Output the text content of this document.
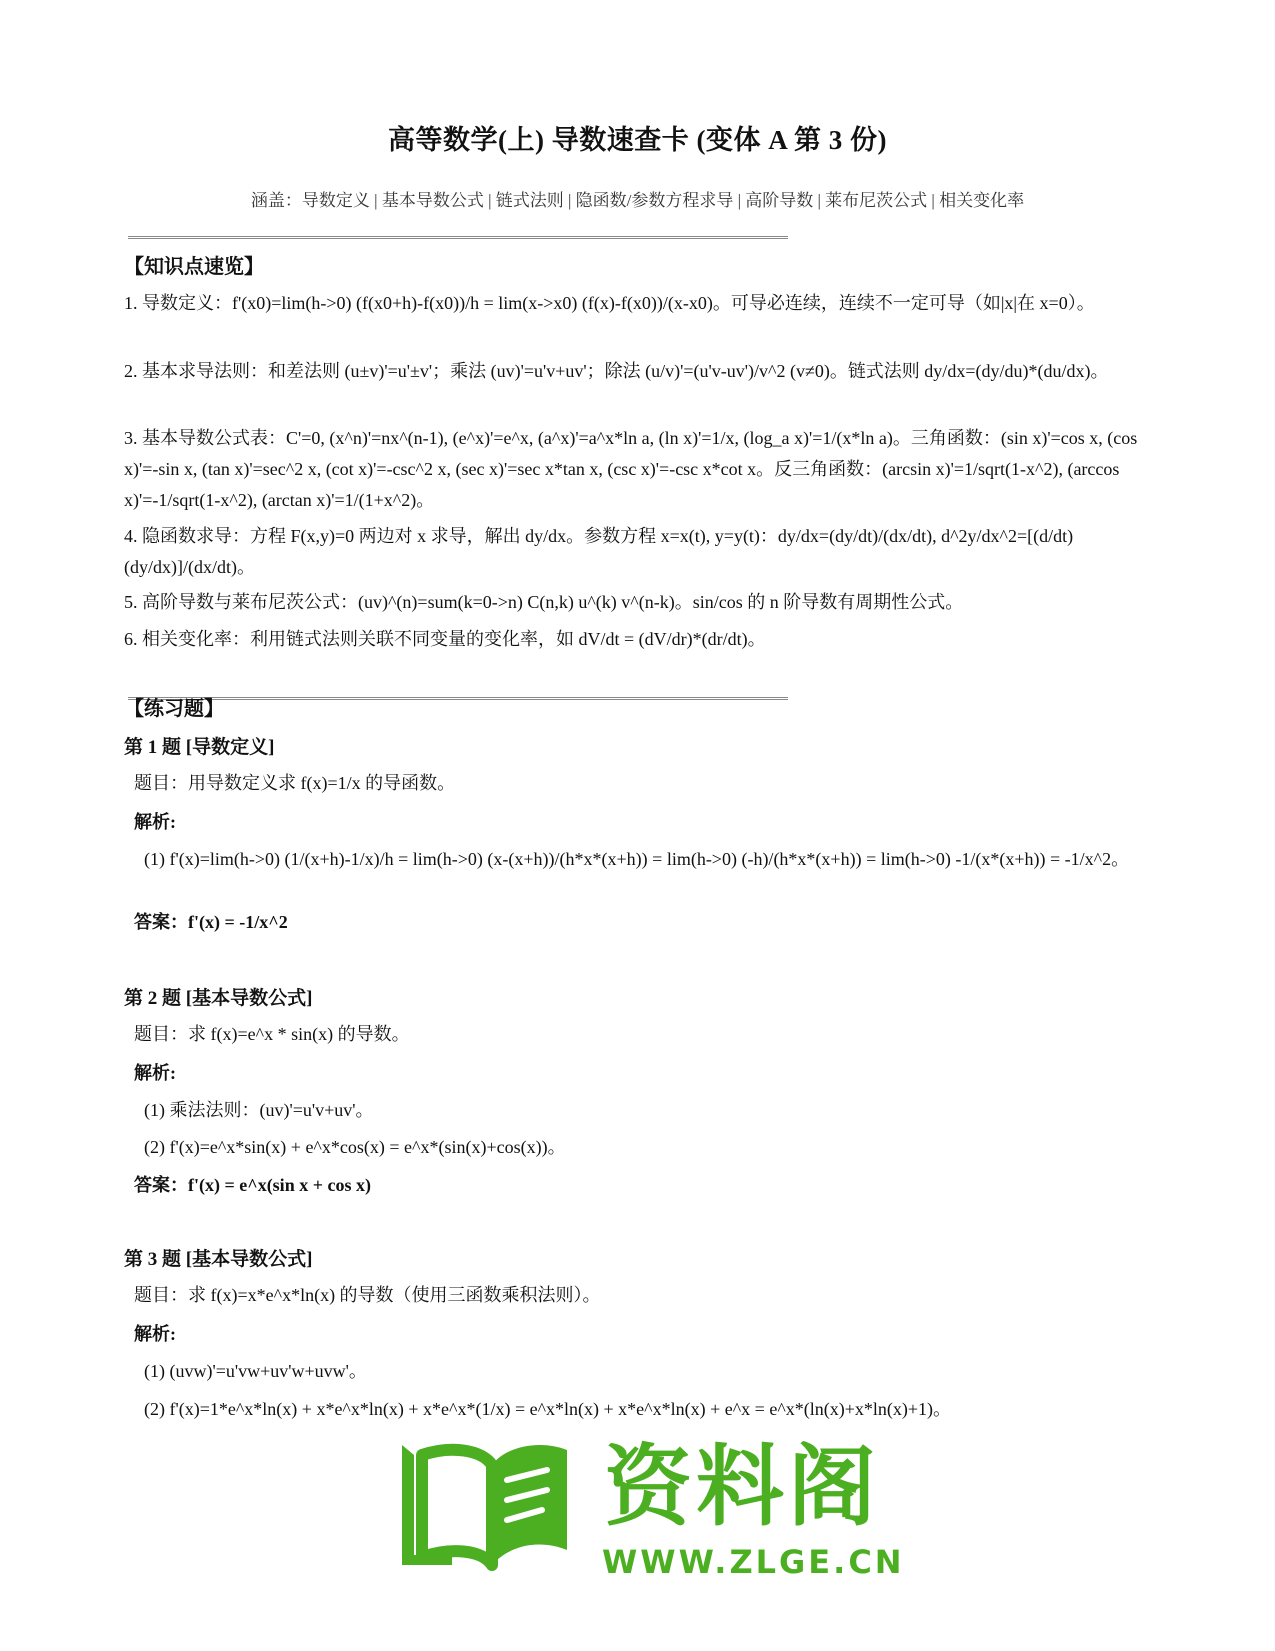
高等数学(上) 导数速查卡 (变体 A 第 3 份)
涵盖：导数定义 | 基本导数公式 | 链式法则 | 隐函数/参数方程求导 | 高阶导数 | 莱布尼茨公式 | 相关变化率
【知识点速览】
1. 导数定义：f'(x0)=lim(h->0) (f(x0+h)-f(x0))/h = lim(x->x0) (f(x)-f(x0))/(x-x0)。可导必连续，连续不一定可导（如|x|在 x=0）。
2. 基本求导法则：和差法则 (u±v)'=u'±v'；乘法 (uv)'=u'v+uv'；除法 (u/v)'=(u'v-uv')/v^2 (v≠0)。链式法则 dy/dx=(dy/du)*(du/dx)。
3. 基本导数公式表：C'=0, (x^n)'=nx^(n-1), (e^x)'=e^x, (a^x)'=a^x*ln a, (ln x)'=1/x, (log_a x)'=1/(x*ln a)。三角函数：(sin x)'=cos x, (cos x)'=-sin x, (tan x)'=sec^2 x, (cot x)'=-csc^2 x, (sec x)'=sec x*tan x, (csc x)'=-csc x*cot x。反三角函数：(arcsin x)'=1/sqrt(1-x^2), (arccos x)'=-1/sqrt(1-x^2), (arctan x)'=1/(1+x^2)。
4. 隐函数求导：方程 F(x,y)=0 两边对 x 求导，解出 dy/dx。参数方程 x=x(t), y=y(t)：dy/dx=(dy/dt)/(dx/dt), d^2y/dx^2=[(d/dt)(dy/dx)]/(dx/dt)。
5. 高阶导数与莱布尼茨公式：(uv)^(n)=sum(k=0->n) C(n,k) u^(k) v^(n-k)。sin/cos 的 n 阶导数有周期性公式。
6. 相关变化率：利用链式法则关联不同变量的变化率，如 dV/dt = (dV/dr)*(dr/dt)。
【练习题】
第 1 题 [导数定义]
题目：用导数定义求 f(x)=1/x 的导函数。
解析:
(1) f'(x)=lim(h->0) (1/(x+h)-1/x)/h = lim(h->0) (x-(x+h))/(h*x*(x+h)) = lim(h->0) (-h)/(h*x*(x+h)) = lim(h->0) -1/(x*(x+h)) = -1/x^2。
答案：f'(x) = -1/x^2
第 2 题 [基本导数公式]
题目：求 f(x)=e^x * sin(x) 的导数。
解析:
(1) 乘法法则：(uv)'=u'v+uv'。
(2) f'(x)=e^x*sin(x) + e^x*cos(x) = e^x*(sin(x)+cos(x))。
答案：f'(x) = e^x(sin x + cos x)
第 3 题 [基本导数公式]
题目：求 f(x)=x*e^x*ln(x) 的导数（使用三函数乘积法则）。
解析:
(1) (uvw)'=u'vw+uv'w+uvw'。
(2) f'(x)=1*e^x*ln(x) + x*e^x*ln(x) + x*e^x*(1/x) = e^x*ln(x) + x*e^x*ln(x) + e^x = e^x*(ln(x)+x*ln(x)+1)。
资料阁
WWW.ZLGE.CN
